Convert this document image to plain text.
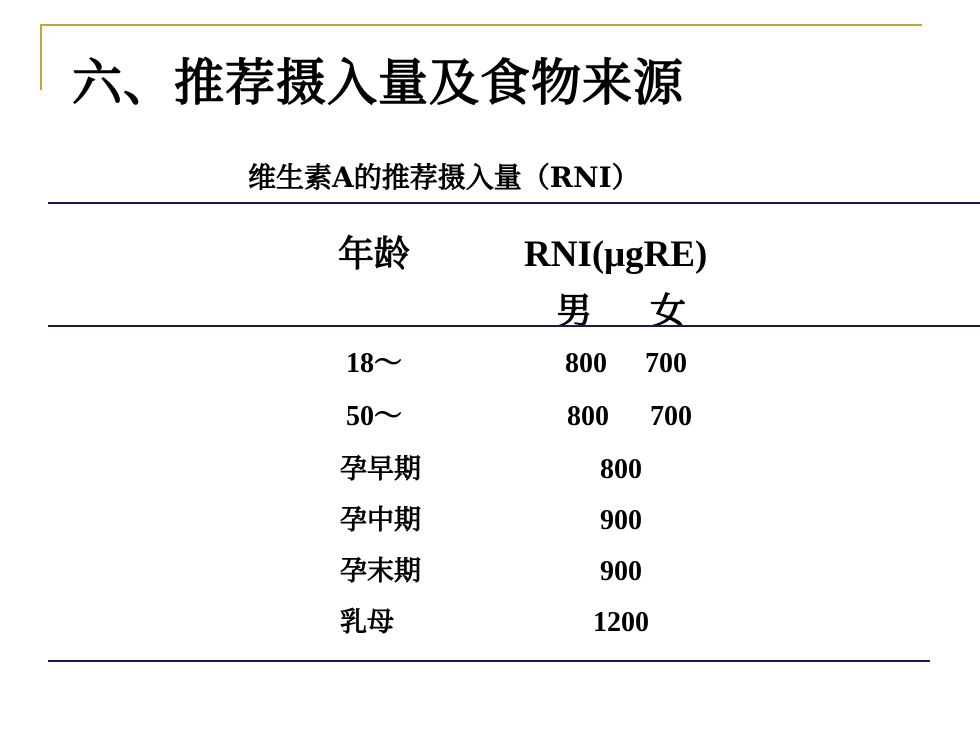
六、推荐摄入量及食物来源
维生素A的推荐摄入量（RNI）
年龄	RNI(μgRE)
男 女
18～	800 700
50～	800 700
孕早期	800
孕中期	900
孕末期	900
乳母	1200
